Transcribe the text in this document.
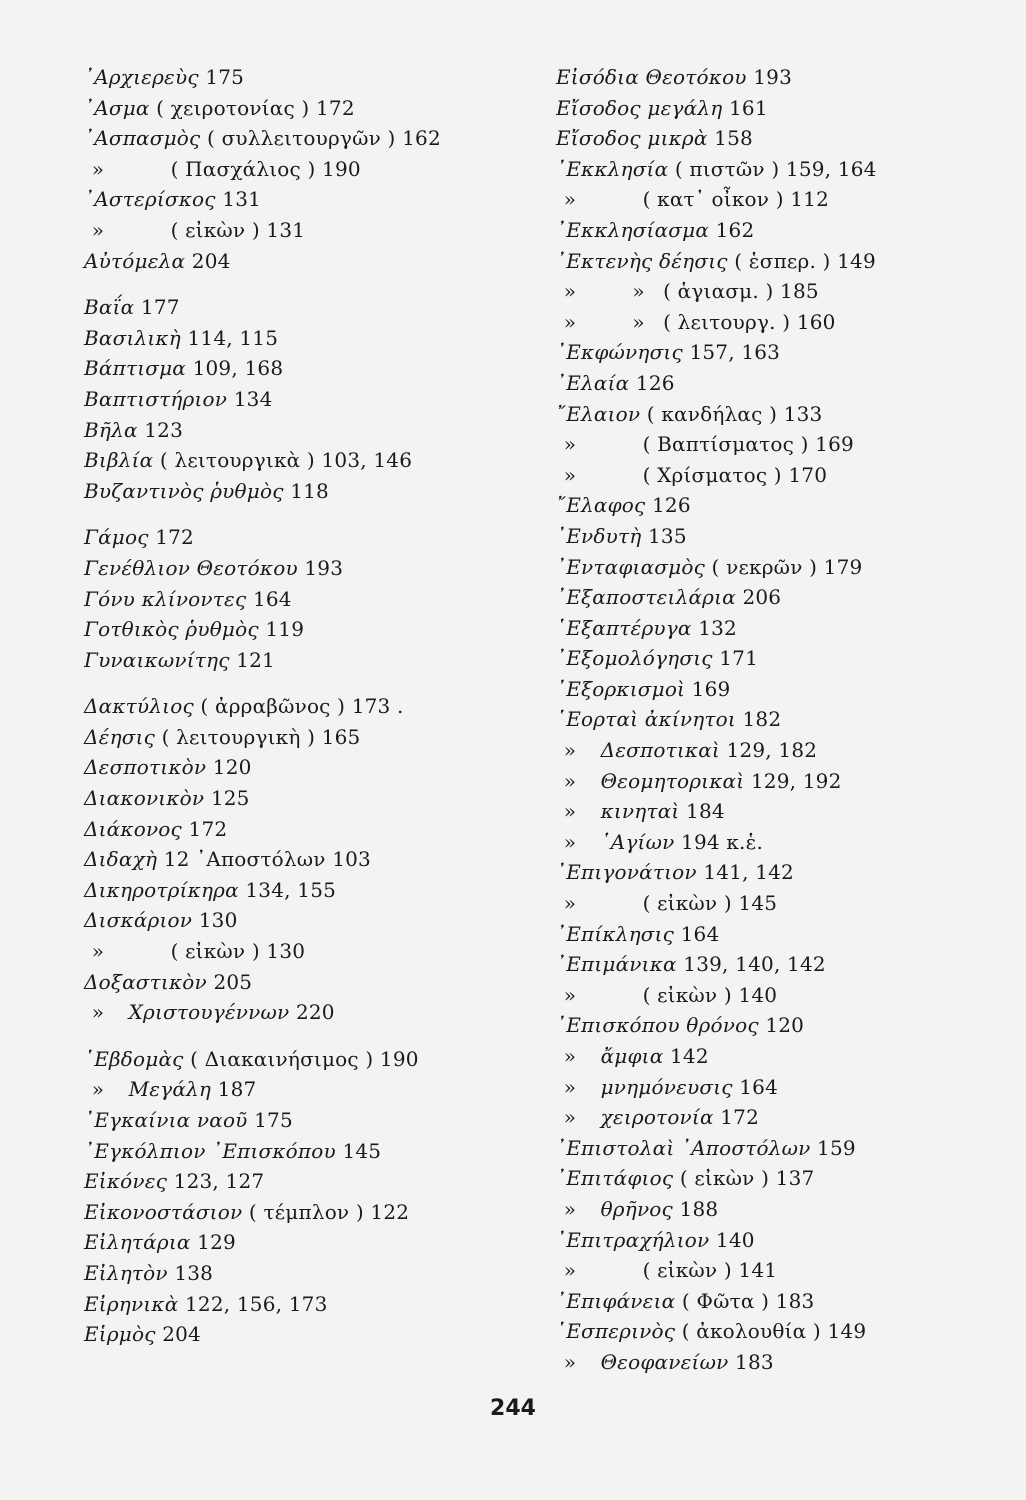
᾿Αρχιερεὺς 175
᾿Ασμα ( χειροτονίας ) 172
᾿Ασπασμὸς ( συλλειτουργῶν ) 162
»	( Πασχάλιος ) 190
᾿Αστερίσκος 131
»	( εἰκὼν ) 131
Αὐτόμελα 204
Βαΐα 177
Βασιλικὴ 114, 115
Βάπτισμα 109, 168
Βαπτιστήριον 134
Βῆλα 123
Βιβλία ( λειτουργικὰ ) 103, 146
Βυζαντινὸς ῥυθμὸς 118
Γάμος 172
Γενέθλιον Θεοτόκου 193
Γόνυ κλίνοντες 164
Γοτθικὸς ῥυθμὸς 119
Γυναικωνίτης 121
Δακτύλιος ( ἀρραβῶνος ) 173 .
Δέησις ( λειτουργικὴ ) 165
Δεσποτικὸν 120
Διακονικὸν 125
Διάκονος 172
Διδαχὴ 12 ᾿Αποστόλων 103
Δικηροτρίκηρα 134, 155
Δισκάριον 130
»	( εἰκὼν ) 130
Δοξαστικὸν 205
» Χριστουγέννων 220
῾Εβδομὰς ( Διακαινήσιμος ) 190
» Μεγάλη 187
᾿Εγκαίνια ναοῦ 175
᾿Εγκόλπιον ᾿Επισκόπου 145
Εἰκόνες 123, 127
Εἰκονοστάσιον ( τέμπλον ) 122
Εἰλητάρια 129
Εἰλητὸν 138
Εἰρηνικὰ 122, 156, 173
Εἱρμὸς 204
Εἰσόδια Θεοτόκου 193
Εἴσοδος μεγάλη 161
Εἴσοδος μικρὰ 158
᾿Εκκλησία ( πιστῶν ) 159, 164
»	( κατ᾿ οἶκον ) 112
᾿Εκκλησίασμα 162
᾿Εκτενὴς δέησις ( ἑσπερ. ) 149
»	» ( ἁγιασμ. ) 185
»	» ( λειτουργ. ) 160
᾿Εκφώνησις 157, 163
᾿Ελαία 126
῎Ελαιον ( κανδήλας ) 133
»	( Βαπτίσματος ) 169
»	( Χρίσματος ) 170
῎Ελαφος 126
᾿Ενδυτὴ 135
᾿Ενταφιασμὸς ( νεκρῶν ) 179
᾿Εξαποστειλάρια 206
῾Εξαπτέρυγα 132
᾿Εξομολόγησις 171
᾿Εξορκισμοὶ 169
῾Εορταὶ ἀκίνητοι 182
» Δεσποτικαὶ 129, 182
» Θεομητορικαὶ 129, 192
» κινηταὶ 184
» ῾Αγίων 194 κ.ἑ.
᾿Επιγονάτιον 141, 142
»	( εἰκὼν ) 145
᾿Επίκλησις 164
᾿Επιμάνικα 139, 140, 142
»	( εἰκὼν ) 140
᾿Επισκόπου θρόνος 120
» ἄμφια 142
» μνημόνευσις 164
» χειροτονία 172
᾿Επιστολαὶ ᾿Αποστόλων 159
᾿Επιτάφιος ( εἰκὼν ) 137
» θρῆνος 188
᾿Επιτραχήλιον 140
»	( εἰκὼν ) 141
᾿Επιφάνεια ( Φῶτα ) 183
῾Εσπερινὸς ( ἀκολουθία ) 149
» Θεοφανείων 183
244
